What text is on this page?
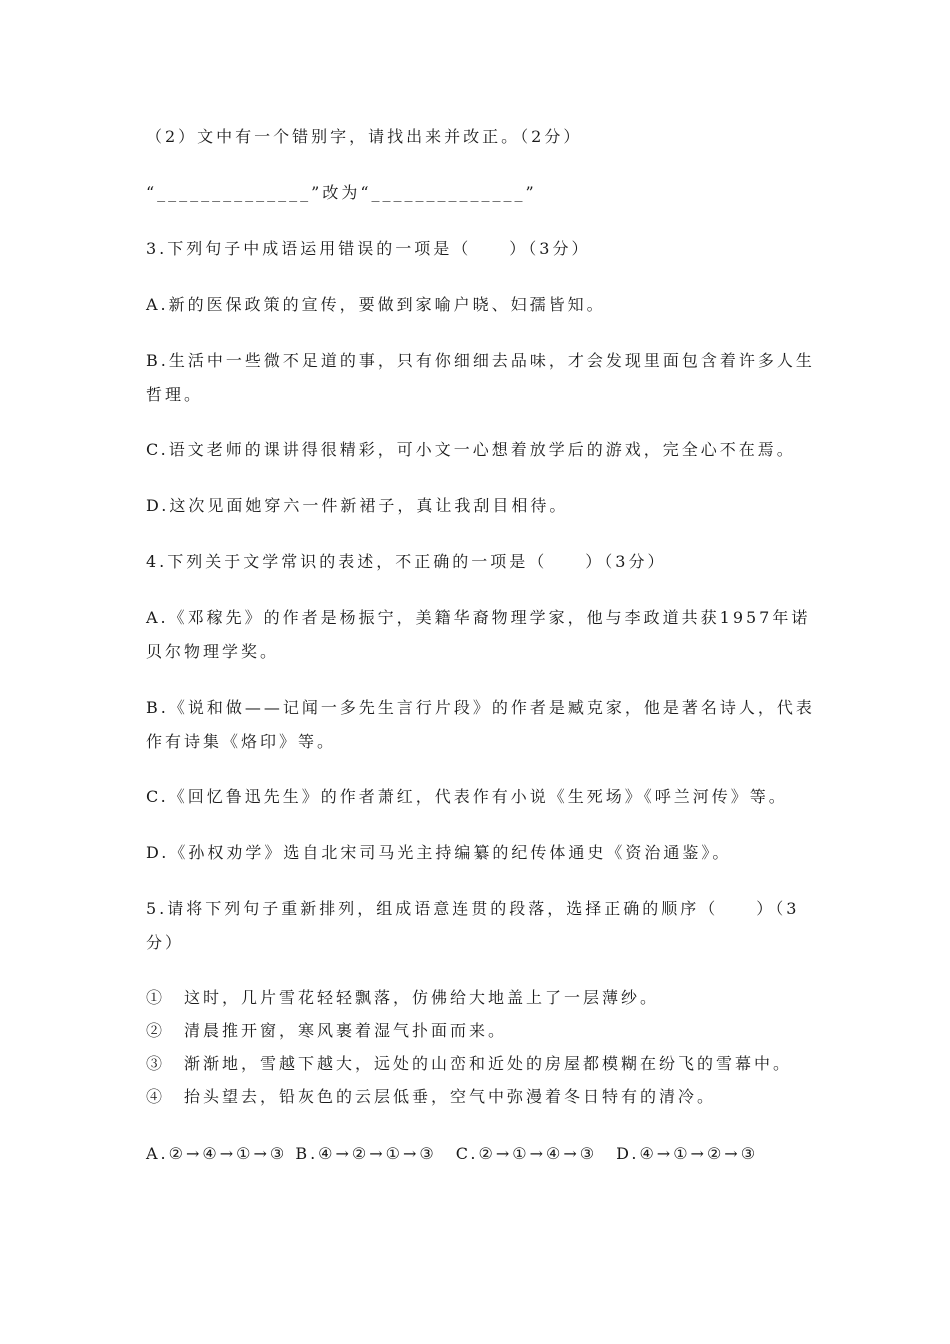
（2）文中有一个错别字，请找出来并改正。（2分）
“______________”改为“______________”
3.下列句子中成语运用错误的一项是（　　）（3分）
A.新的医保政策的宣传，要做到家喻户晓、妇孺皆知。
B.生活中一些微不足道的事，只有你细细去品味，才会发现里面包含着许多人生哲理。
C.语文老师的课讲得很精彩，可小文一心想着放学后的游戏，完全心不在焉。
D.这次见面她穿六一件新裙子，真让我刮目相待。
4.下列关于文学常识的表述，不正确的一项是（　　）（3分）
A.《邓稼先》的作者是杨振宁，美籍华裔物理学家，他与李政道共获1957年诺贝尔物理学奖。
B.《说和做——记闻一多先生言行片段》的作者是臧克家，他是著名诗人，代表作有诗集《烙印》等。
C.《回忆鲁迅先生》的作者萧红，代表作有小说《生死场》《呼兰河传》等。
D.《孙权劝学》选自北宋司马光主持编纂的纪传体通史《资治通鉴》。
5.请将下列句子重新排列，组成语意连贯的段落，选择正确的顺序（　　）（3分）
①　这时，几片雪花轻轻飘落，仿佛给大地盖上了一层薄纱。
②　清晨推开窗，寒风裹着湿气扑面而来。
③　渐渐地，雪越下越大，远处的山峦和近处的房屋都模糊在纷飞的雪幕中。
④　抬头望去，铅灰色的云层低垂，空气中弥漫着冬日特有的清冷。
A.②→④→①→③ B.④→②→①→③　C.②→①→④→③　D.④→①→②→③
